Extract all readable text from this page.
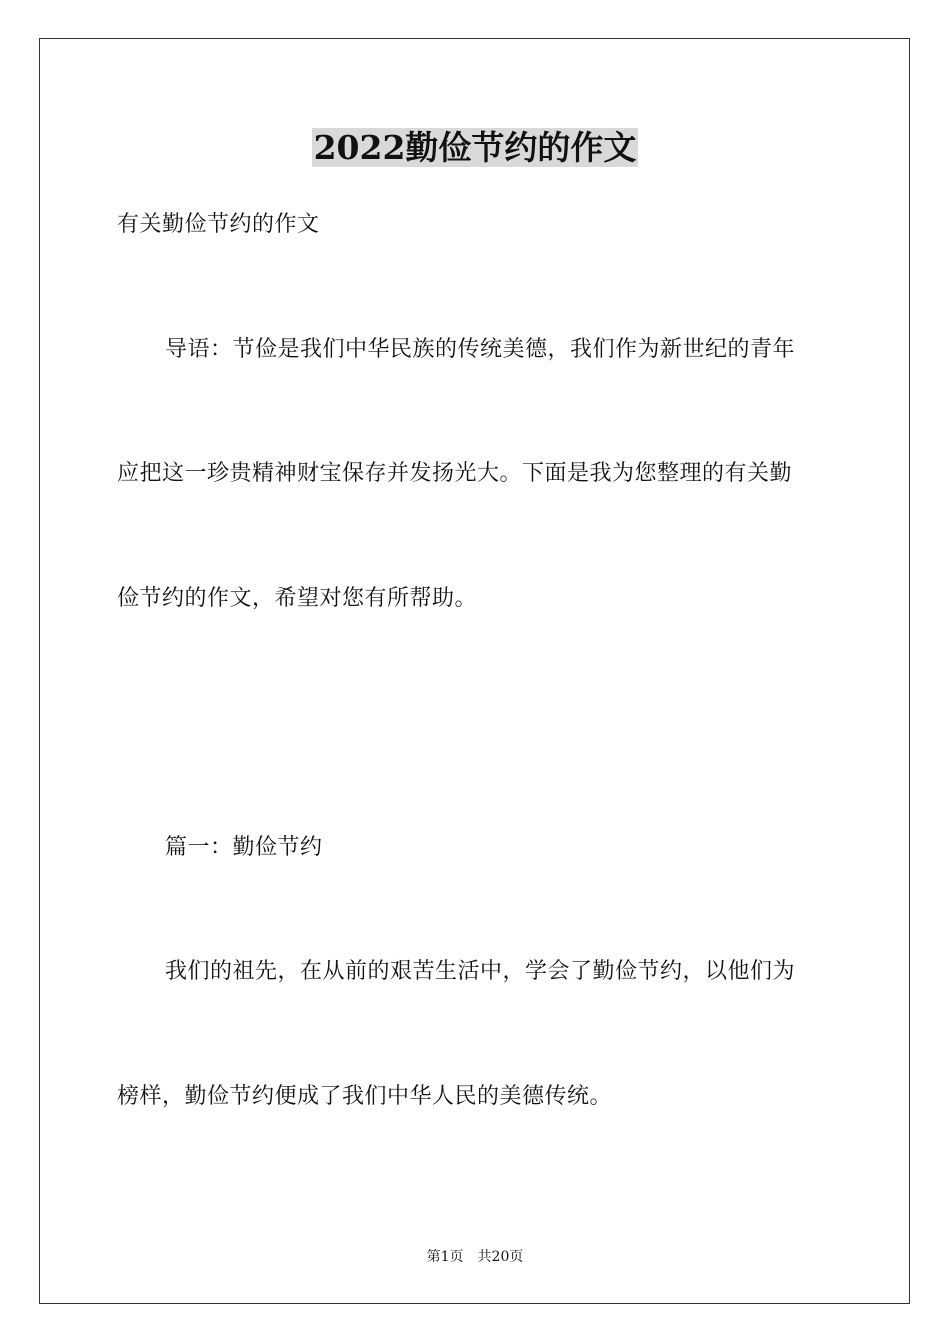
2022勤俭节约的作文
有关勤俭节约的作文
导语：节俭是我们中华民族的传统美德，我们作为新世纪的青年
应把这一珍贵精神财宝保存并发扬光大。下面是我为您整理的有关勤
俭节约的作文，希望对您有所帮助。
篇一：勤俭节约
我们的祖先，在从前的艰苦生活中，学会了勤俭节约，以他们为
榜样，勤俭节约便成了我们中华人民的美德传统。
第1页 共20页
